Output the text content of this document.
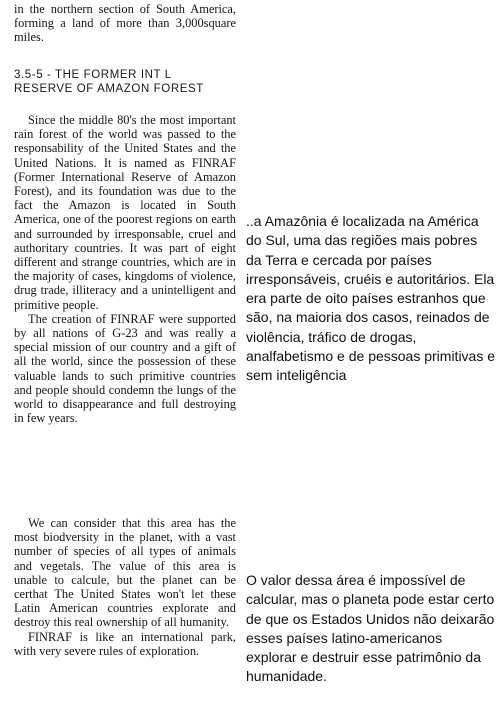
in the northern section of South America, forming a land of more than 3,000square miles.

3.5-5 - THE FORMER INT L
RESERVE OF AMAZON FOREST

Since the middle 80's the most important rain forest of the world was passed to the responsability of the United States and the United Nations. It is named as FINRAF (Former International Reserve of Amazon Forest), and its foundation was due to the fact the Amazon is located in South America, one of the poorest regions on earth and surrounded by irresponsable, cruel and authoritary countries. It was part of eight different and strange countries, which are in the majority of cases, kingdoms of violence, drug trade, illiteracy and a unintelligent and primitive people.

The creation of FINRAF were supported by all nations of G-23 and was really a special mission of our country and a gift of all the world, since the possession of these valuable lands to such primitive countries and people should condemn the lungs of the world to disappearance and full destroying in few years.

We can consider that this area has the most biodversity in the planet, with a vast number of species of all types of animals and vegetals. The value of this area is unable to calcule, but the planet can be certhat The United States won't let these Latin American countries explorate and destroy this real ownership of all humanity.

FINRAF is like an international park, with very severe rules of exploration.

..a Amazônia é localizada na América do Sul, uma das regiões mais pobres da Terra e cercada por países irresponsáveis, cruéis e autoritários. Ela era parte de oito países estranhos que são, na maioria dos casos, reinados de violência, tráfico de drogas, analfabetismo e de pessoas primitivas e sem inteligência
O valor dessa área é impossível de calcular, mas o planeta pode estar certo de que os Estados Unidos não deixarão esses países latino-americanos explorar e destruir esse patrimônio da humanidade.
